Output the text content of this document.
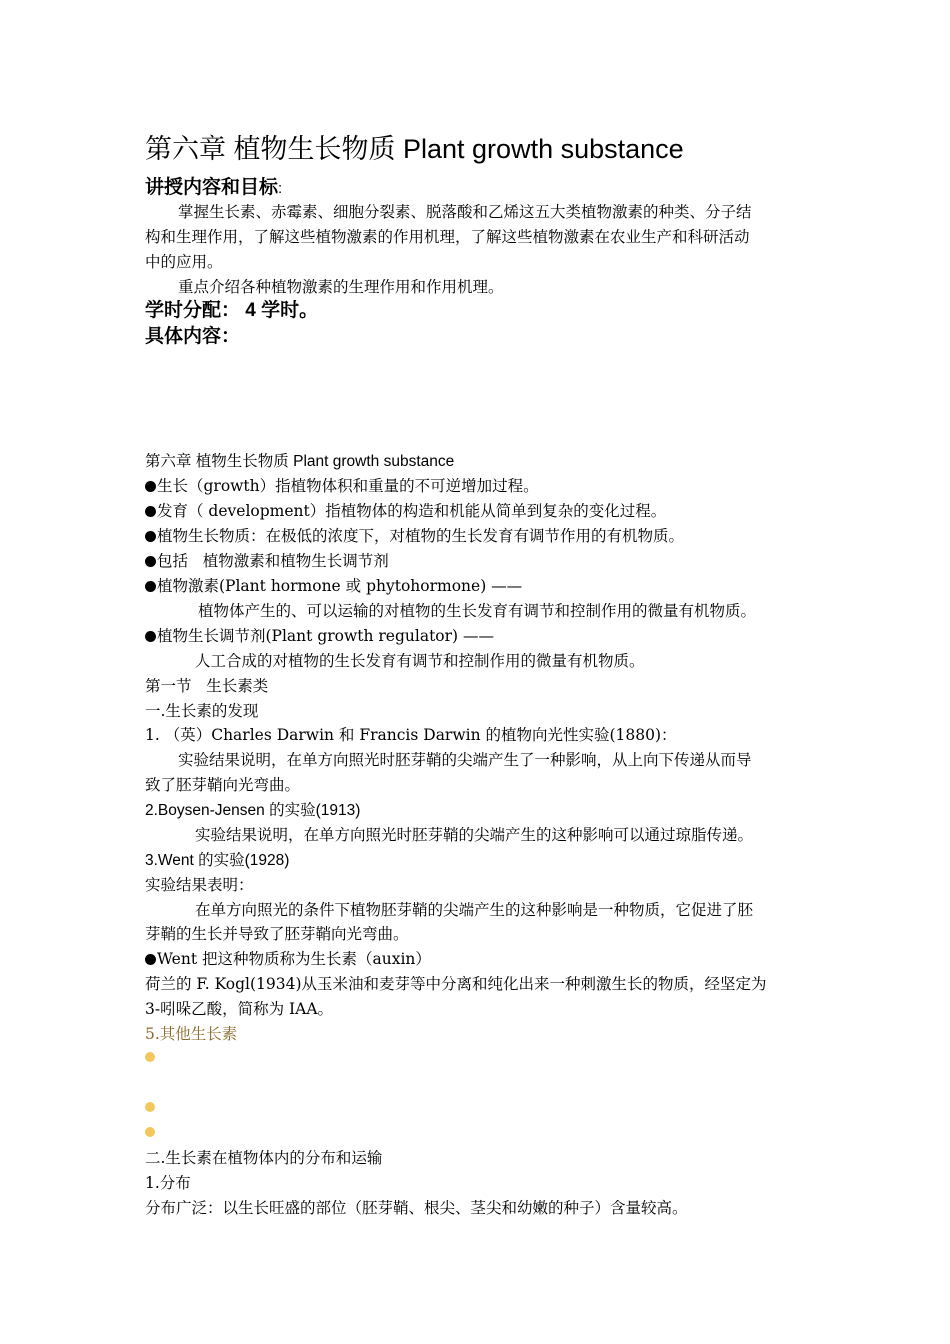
第六章 植物生长物质 Plant growth substance
讲授内容和目标:
掌握生长素、赤霉素、细胞分裂素、脱落酸和乙烯这五大类植物激素的种类、分子结
构和生理作用，了解这些植物激素的作用机理，了解这些植物激素在农业生产和科研活动
中的应用。
重点介绍各种植物激素的生理作用和作用机理。
学时分配： 4 学时。
具体内容：
第六章 植物生长物质 Plant growth substance
生长（growth）指植物体积和重量的不可逆增加过程。
发育（ development）指植物体的构造和机能从简单到复杂的变化过程。
植物生长物质：在极低的浓度下，对植物的生长发育有调节作用的有机物质。
包括   植物激素和植物生长调节剂
植物激素(Plant hormone 或 phytohormone) ——
植物体产生的、可以运输的对植物的生长发育有调节和控制作用的微量有机物质。
植物生长调节剂(Plant growth regulator) ——
人工合成的对植物的生长发育有调节和控制作用的微量有机物质。
第一节   生长素类
一.生长素的发现
1. （英）Charles Darwin 和 Francis Darwin 的植物向光性实验(1880)：
实验结果说明，在单方向照光时胚芽鞘的尖端产生了一种影响，从上向下传递从而导
致了胚芽鞘向光弯曲。
2.Boysen-Jensen 的实验(1913)
实验结果说明，在单方向照光时胚芽鞘的尖端产生的这种影响可以通过琼脂传递。
3.Went 的实验(1928)
实验结果表明：
在单方向照光的条件下植物胚芽鞘的尖端产生的这种影响是一种物质，它促进了胚
芽鞘的生长并导致了胚芽鞘向光弯曲。
Went 把这种物质称为生长素（auxin）
荷兰的 F. Kogl(1934)从玉米油和麦芽等中分离和纯化出来一种刺激生长的物质，经坚定为
3-吲哚乙酸，简称为 IAA。
5.其他生长素
二.生长素在植物体内的分布和运输
1.分布
分布广泛：以生长旺盛的部位（胚芽鞘、根尖、茎尖和幼嫩的种子）含量较高。
